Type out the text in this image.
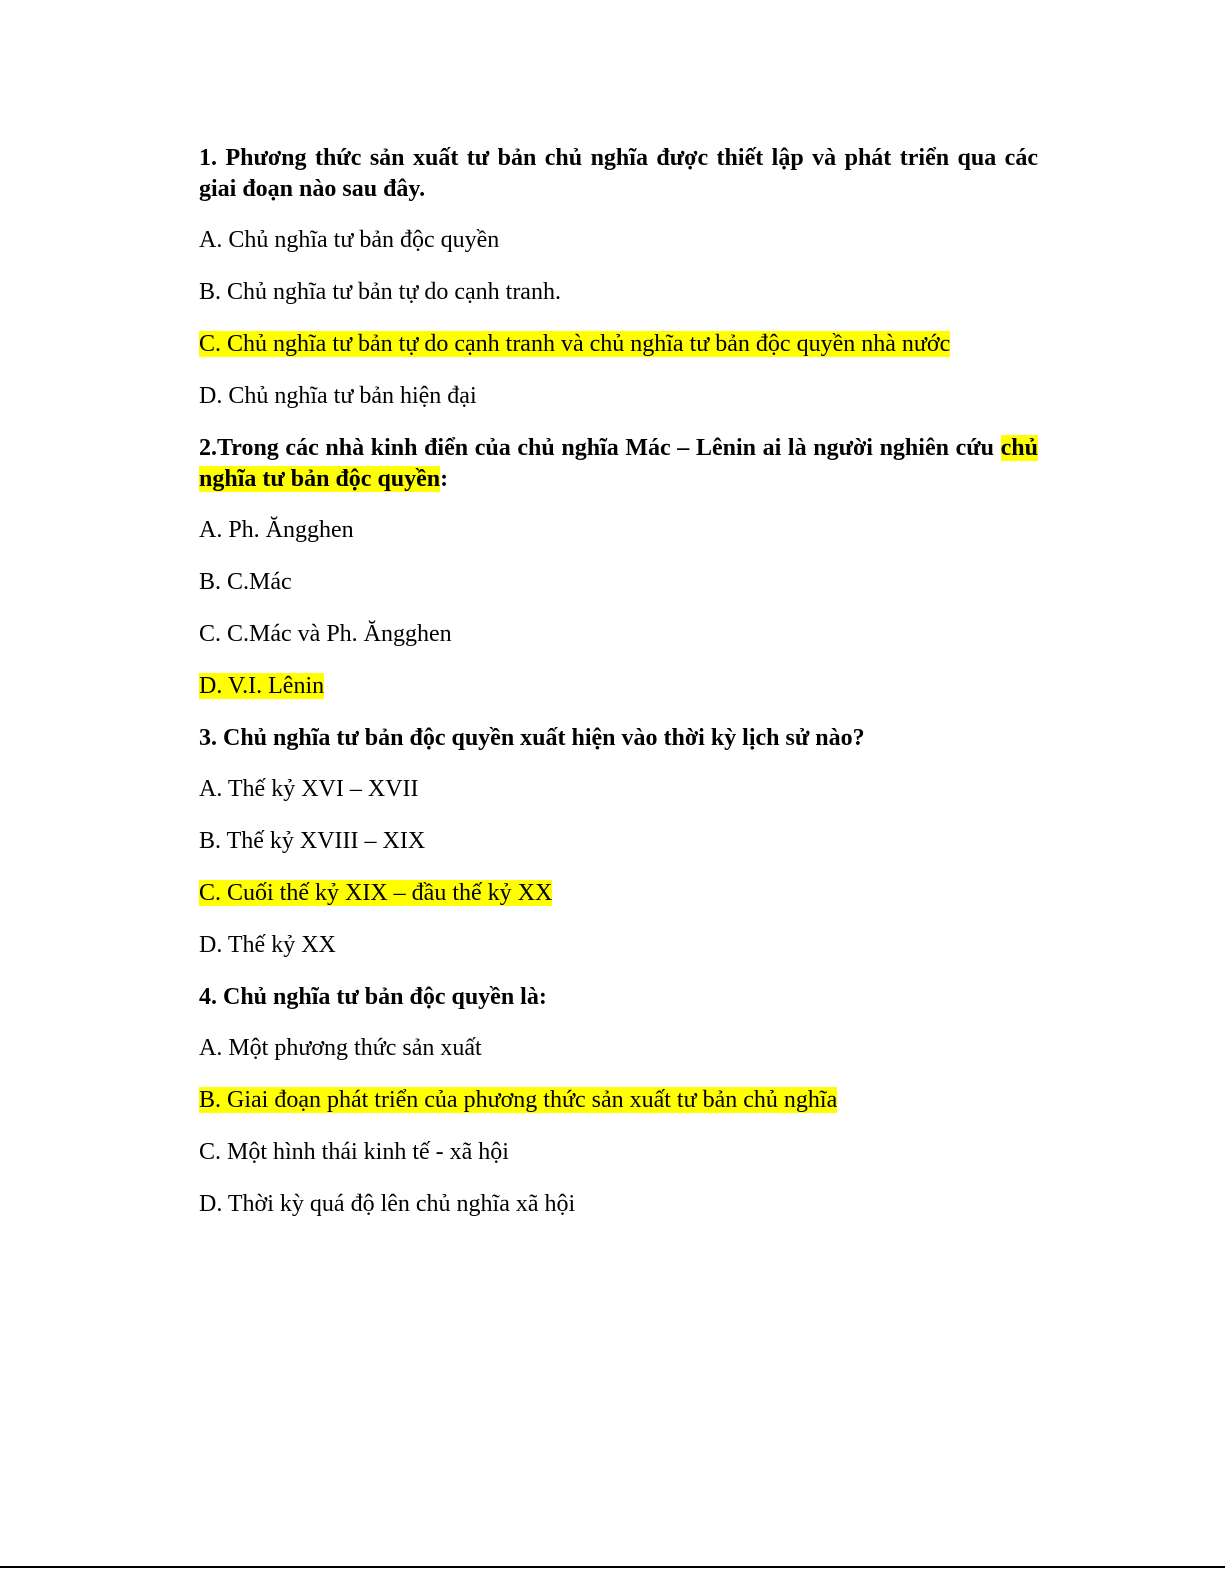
1. Phương thức sản xuất tư bản chủ nghĩa được thiết lập và phát triển qua các giai đoạn nào sau đây.

A. Chủ nghĩa tư bản độc quyền
B. Chủ nghĩa tư bản tự do cạnh tranh.
C. Chủ nghĩa tư bản tự do cạnh tranh và chủ nghĩa tư bản độc quyền nhà nước
D. Chủ nghĩa tư bản hiện đại

2.Trong các nhà kinh điển của chủ nghĩa Mác – Lênin ai là người nghiên cứu chủ nghĩa tư bản độc quyền:

A. Ph. Ăngghen
B. C.Mác
C. C.Mác và Ph. Ăngghen
D. V.I. Lênin

3. Chủ nghĩa tư bản độc quyền xuất hiện vào thời kỳ lịch sử nào?

A. Thế kỷ XVI – XVII
B. Thế kỷ XVIII – XIX
C. Cuối thế kỷ XIX – đầu thế kỷ XX
D. Thế kỷ XX

4. Chủ nghĩa tư bản độc quyền là:

A. Một phương thức sản xuất
B. Giai đoạn phát triển của phương thức sản xuất tư bản chủ nghĩa
C. Một hình thái kinh tế - xã hội
D. Thời kỳ quá độ lên chủ nghĩa xã hội
